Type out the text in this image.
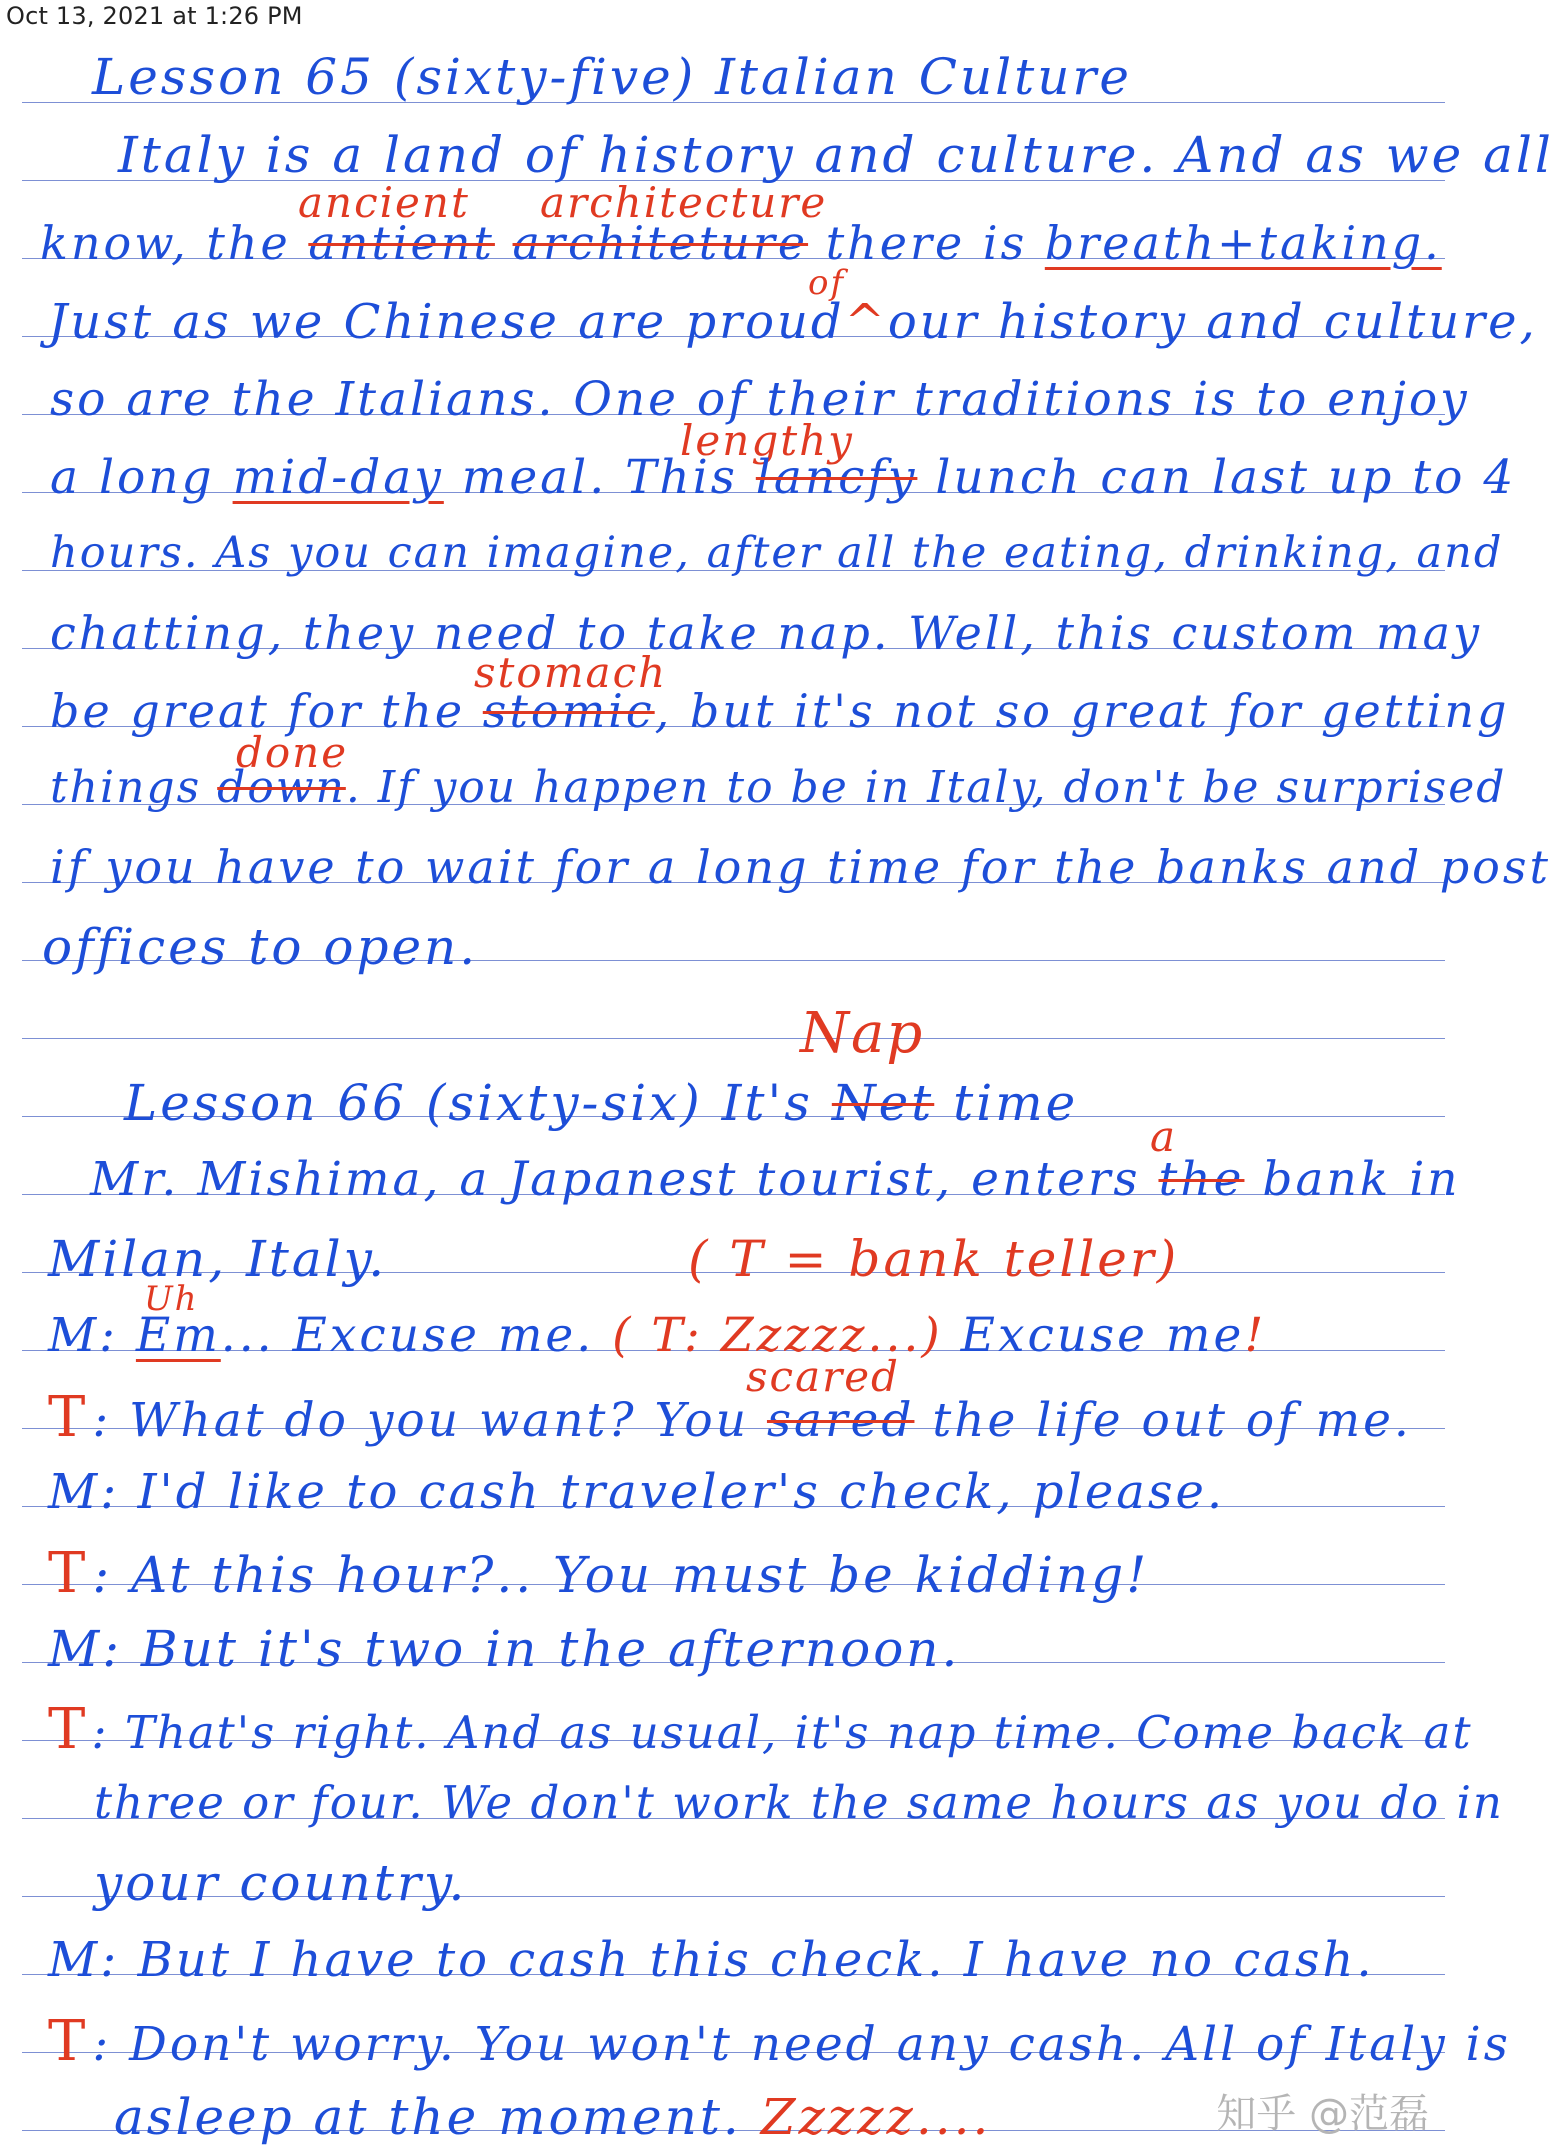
Oct 13, 2021 at 1:26 PM
Lesson 65 (sixty-five) Italian Culture
Italy is a land of history and culture. And as we all
ancient architecture
know, the antient architeture there is breath+taking.
of
Just as we Chinese are proud^our history and culture,
so are the Italians. One of their traditions is to enjoy
lengthy
a long mid-day meal. This lancfy lunch can last up to 4
hours. As you can imagine, after all the eating, drinking, and
chatting, they need to take nap. Well, this custom may
stomach
be great for the stomic, but it's not so great for getting
done
things down. If you happen to be in Italy, don't be surprised
if you have to wait for a long time for the banks and post
offices to open.
Nap
Lesson 66 (sixty-six) It's Net time
a
Mr. Mishima, a Japanest tourist, enters the bank in
Milan, Italy.	( T = bank teller)
Uh
M: Em... Excuse me. ( T: Zzzzz...) Excuse me!
scared
T: What do you want? You sared the life out of me.
M: I'd like to cash traveler's check, please.
T: At this hour?.. You must be kidding!
M: But it's two in the afternoon.
T: That's right. And as usual, it's nap time. Come back at
three or four. We don't work the same hours as you do in
your country.
M: But I have to cash this check. I have no cash.
T: Don't worry. You won't need any cash. All of Italy is
asleep at the moment. Zzzzz....	知乎 @范磊
